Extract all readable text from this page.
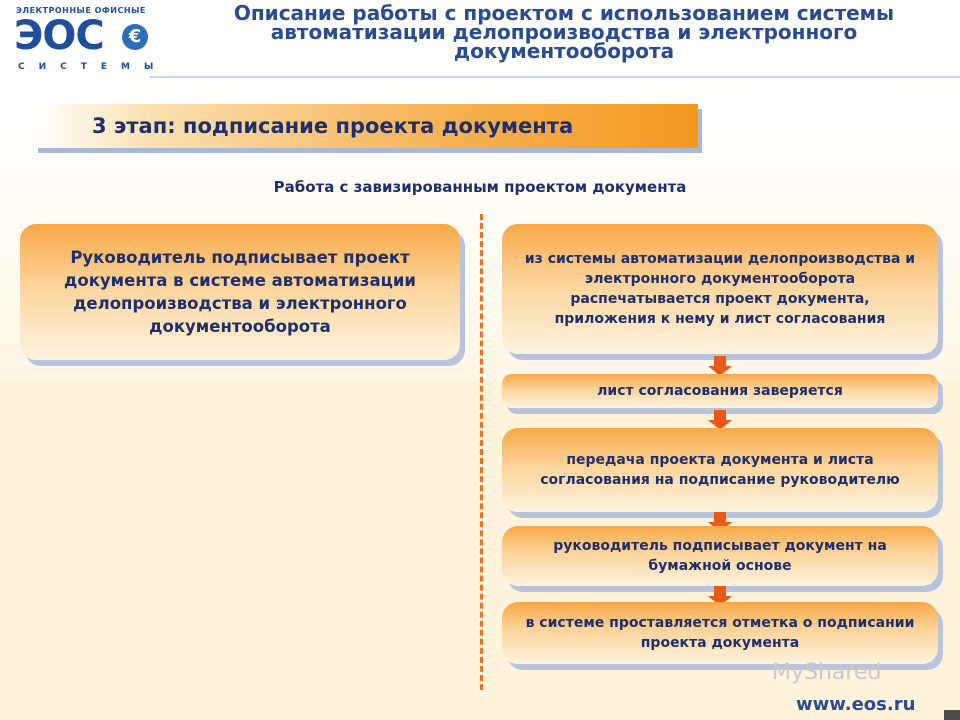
ЭЛЕКТРОННЫЕ ОФИСНЫЕ
ЭОС	€
СИСТЕМЫ
Описание работы с проектом с использованием системы автоматизации делопроизводства и электронного документооборота
3 этап: подписание проекта документа
Работа с завизированным проектом документа
Руководитель подписывает проект документа в системе автоматизации делопроизводства и электронного документооборота
из системы автоматизации делопроизводства и электронного документооборота распечатывается проект документа, приложения к нему и лист согласования
лист согласования заверяется
передача проекта документа и листа согласования на подписание руководителю
руководитель подписывает документ на бумажной основе
в системе проставляется отметка о подписании проекта документа
MyShared
www.eos.ru
